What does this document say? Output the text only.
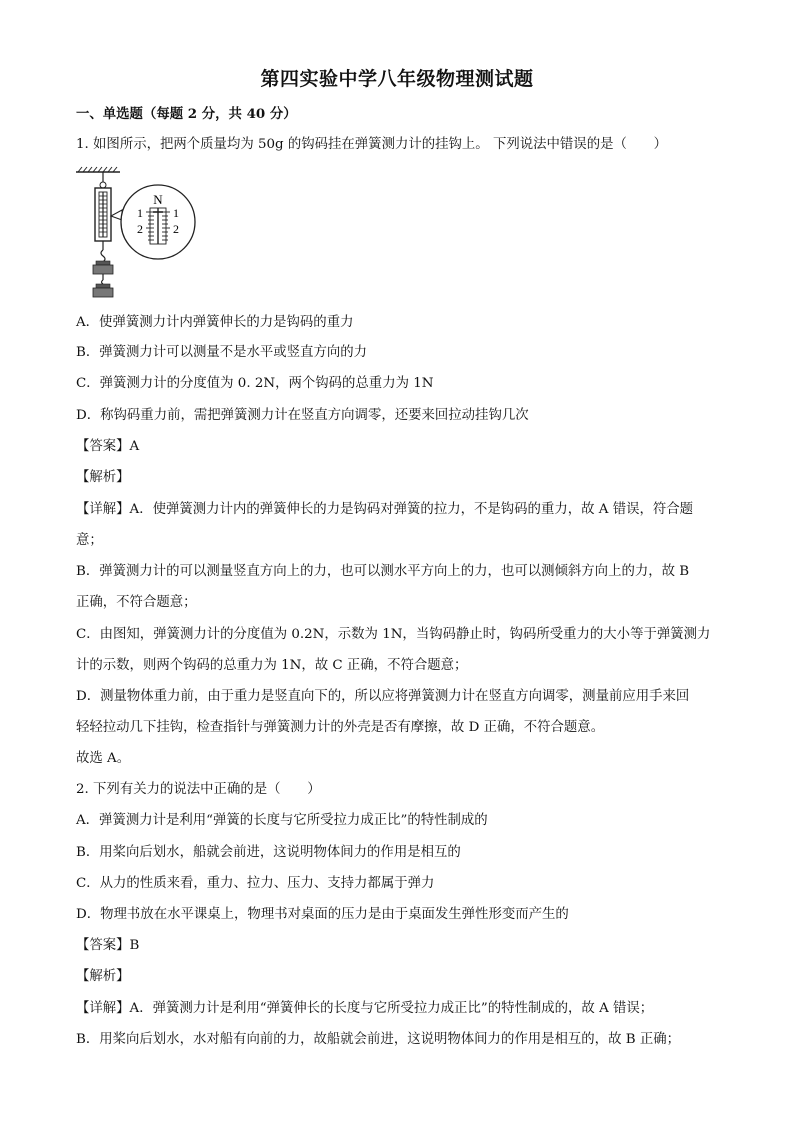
第四实验中学八年级物理测试题
一、单选题（每题 2 分，共 40 分）
1. 如图所示，把两个质量均为 50g 的钩码挂在弹簧测力计的挂钩上。 下列说法中错误的是（　　）
N
1
2
1
2
A．使弹簧测力计内弹簧伸长的力是钩码的重力
B．弹簧测力计可以测量不是水平或竖直方向的力
C．弹簧测力计的分度值为 0. 2N，两个钩码的总重力为 1N
D．称钩码重力前，需把弹簧测力计在竖直方向调零，还要来回拉动挂钩几次
【答案】A
【解析】
【详解】A．使弹簧测力计内的弹簧伸长的力是钩码对弹簧的拉力，不是钩码的重力，故 A 错误，符合题
意；
B．弹簧测力计的可以测量竖直方向上的力，也可以测水平方向上的力，也可以测倾斜方向上的力，故 B
正确，不符合题意；
C．由图知，弹簧测力计的分度值为 0.2N，示数为 1N，当钩码静止时，钩码所受重力的大小等于弹簧测力
计的示数，则两个钩码的总重力为 1N，故 C 正确，不符合题意；
D．测量物体重力前，由于重力是竖直向下的，所以应将弹簧测力计在竖直方向调零，测量前应用手来回
轻轻拉动几下挂钩，检查指针与弹簧测力计的外壳是否有摩擦，故 D 正确，不符合题意。
故选 A。
2. 下列有关力的说法中正确的是（　　）
A．弹簧测力计是利用“弹簧的长度与它所受拉力成正比”的特性制成的
B．用桨向后划水，船就会前进，这说明物体间力的作用是相互的
C．从力的性质来看，重力、拉力、压力、支持力都属于弹力
D．物理书放在水平课桌上，物理书对桌面的压力是由于桌面发生弹性形变而产生的
【答案】B
【解析】
【详解】A．弹簧测力计是利用“弹簧伸长的长度与它所受拉力成正比”的特性制成的，故 A 错误；
B．用桨向后划水，水对船有向前的力，故船就会前进，这说明物体间力的作用是相互的，故 B 正确；
